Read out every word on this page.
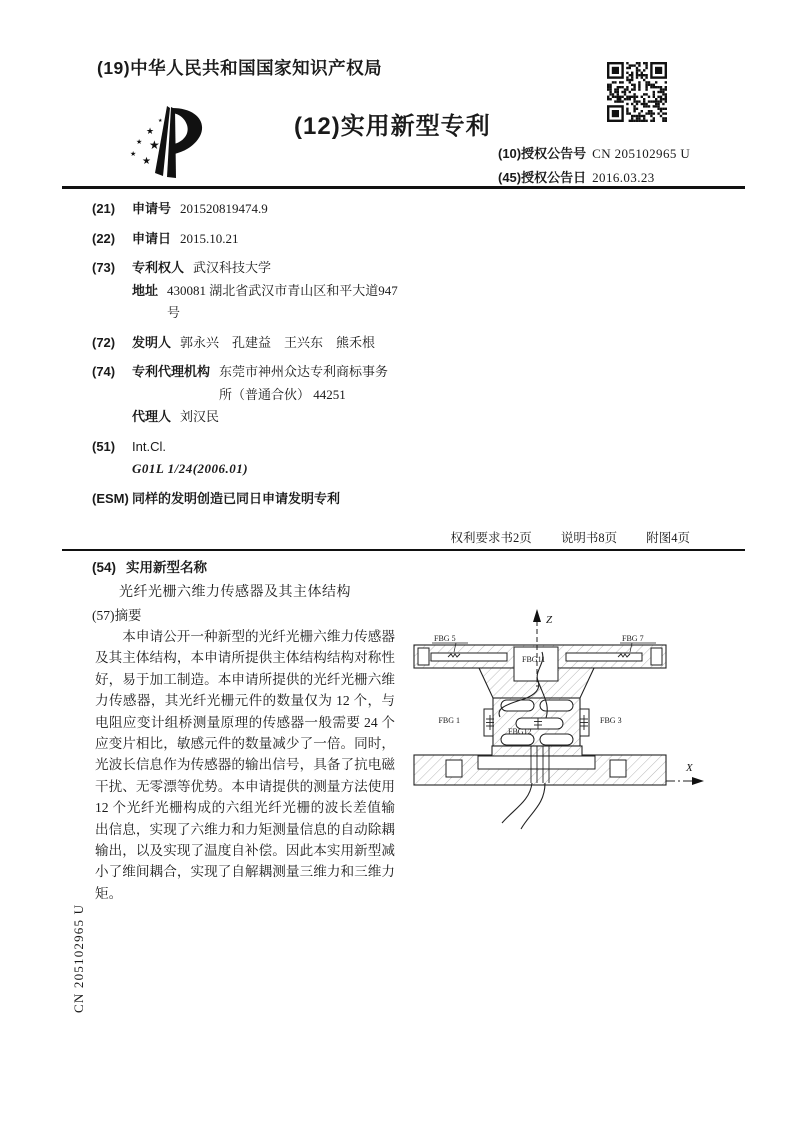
(19)中华人民共和国国家知识产权局
★
★ ★
★
★
★	(12)实用新型专利
(10)授权公告号 CN 205102965 U
(45)授权公告日 2016.03.23
(21)	申请号 201520819474.9
(22)	申请日 2015.10.21
(73)	专利权人 武汉科技大学
地址 430081 湖北省武汉市青山区和平大道947 号
(72)	发明人 郭永兴　孔建益　王兴东　熊禾根
(74)	专利代理机构 东莞市神州众达专利商标事务所（普通合伙） 44251
代理人 刘汉民
(51)	Int.Cl.
G01L 1/24(2006.01)
(ESM) 同样的发明创造已同日申请发明专利
权利要求书2页 说明书8页 附图4页
(54) 实用新型名称
光纤光栅六维力传感器及其主体结构
(57)摘要
本申请公开一种新型的光纤光栅六维力传感器及其主体结构，本申请所提供主体结构结构对称性好，易于加工制造。本申请所提供的光纤光栅六维力传感器，其光纤光栅元件的数量仅为 12 个，与电阻应变计组桥测量原理的传感器一般需要 24 个应变片相比，敏感元件的数量减少了一倍。同时，光波长信息作为传感器的输出信号，具备了抗电磁干扰、无零漂等优势。本申请提供的测量方法使用 12 个光纤光栅构成的六组光纤光栅的波长差值输出信息，实现了六维力和力矩测量信息的自动除耦输出，以及实现了温度自补偿。因此本实用新型减小了维间耦合，实现了自解耦测量三维力和三维力矩。
FBG 5	FBG 7
FBG11
FBG 1	FBG 3
FBG12
Z
X
CN 205102965 U
